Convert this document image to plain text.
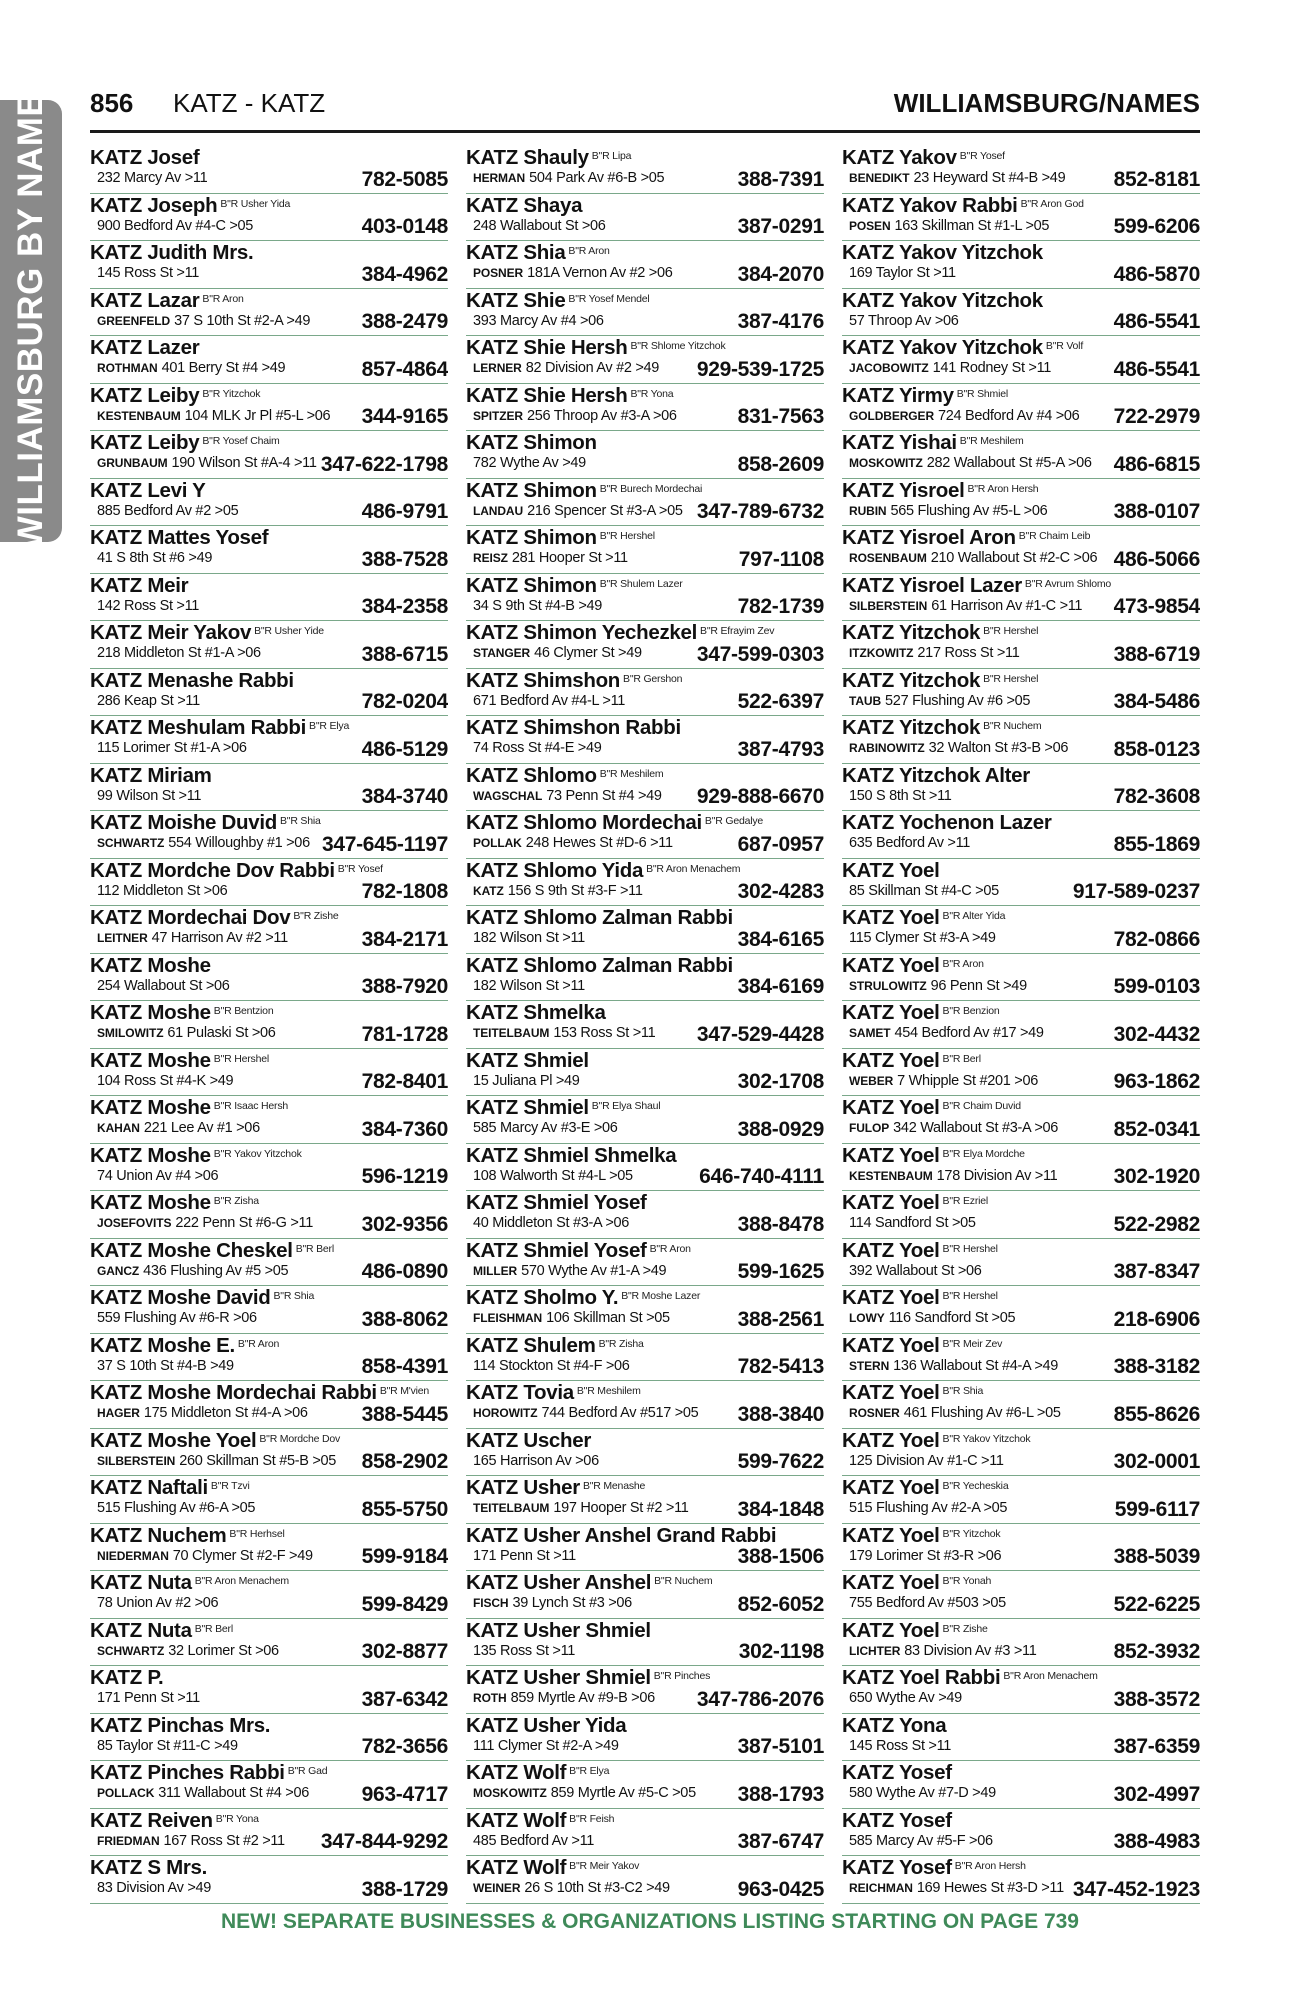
WILLIAMSBURG BY NAME	856 KATZ - KATZ	WILLIAMSBURG/NAMES
KATZ Josef
232 Marcy Av >11	782-5085
KATZ Joseph $^{B"R Usher Yida}$
900 Bedford Av #4-C >05	403-0148
KATZ Judith Mrs.
145 Ross St >11	384-4962
KATZ Lazar $^{B"R Aron}$
GREENFELD 37 S 10th St #2-A >49 388-2479
KATZ Lazer
ROTHMAN 401 Berry St #4 >49	857-4864
KATZ Leiby $^{B"R Yitzchok}$
KESTENBAUM 104 MLK Jr Pl #5-L >06 344-9165
KATZ Leiby $^{B"R Yosef Chaim}$
GRUNBAUM 190 Wilson St #A-4 >11 347-622-1798
KATZ Levi Y
885 Bedford Av #2 >05	486-9791
KATZ Mattes Yosef
41 S 8th St #6 >49	388-7528
KATZ Meir
142 Ross St >11	384-2358
KATZ Meir Yakov $^{B"R Usher Yide}$
218 Middleton St #1-A >06	388-6715
KATZ Menashe Rabbi
286 Keap St >11	782-0204
KATZ Meshulam Rabbi $^{B"R Elya}$
115 Lorimer St #1-A >06	486-5129
KATZ Miriam
99 Wilson St >11	384-3740
KATZ Moishe Duvid $^{B"R Shia}$
SCHWARTZ 554 Willoughby #1 >06 347-645-1197
KATZ Mordche Dov Rabbi $^{B"R Yosef}$
112 Middleton St >06	782-1808
KATZ Mordechai Dov $^{B"R Zishe}$
LEITNER 47 Harrison Av #2 >11	384-2171
KATZ Moshe
254 Wallabout St >06	388-7920
KATZ Moshe $^{B"R Bentzion}$
SMILOWITZ 61 Pulaski St >06	781-1728
KATZ Moshe $^{B"R Hershel}$
104 Ross St #4-K >49	782-8401
KATZ Moshe $^{B"R Isaac Hersh}$
KAHAN 221 Lee Av #1 >06	384-7360
KATZ Moshe $^{B"R Yakov Yitzchok}$
74 Union Av #4 >06	596-1219
KATZ Moshe $^{B"R Zisha}$
JOSEFOVITS 222 Penn St #6-G >11 302-9356
KATZ Moshe Cheskel $^{B"R Berl}$
GANCZ 436 Flushing Av #5 >05	486-0890
KATZ Moshe David $^{B"R Shia}$
559 Flushing Av #6-R >06	388-8062
KATZ Moshe E. $^{B"R Aron}$
37 S 10th St #4-B >49	858-4391
KATZ Moshe Mordechai Rabbi $^{B"R M'vien}$
HAGER 175 Middleton St #4-A >06	388-5445
KATZ Moshe Yoel $^{B"R Mordche Dov}$
SILBERSTEIN 260 Skillman St #5-B >05 858-2902
KATZ Naftali $^{B"R Tzvi}$
515 Flushing Av #6-A >05	855-5750
KATZ Nuchem $^{B"R Herhsel}$
NIEDERMAN 70 Clymer St #2-F >49 599-9184
KATZ Nuta $^{B"R Aron Menachem}$
78 Union Av #2 >06	599-8429
KATZ Nuta $^{B"R Berl}$
SCHWARTZ 32 Lorimer St >06	302-8877
KATZ P.
171 Penn St >11	387-6342
KATZ Pinchas Mrs.
85 Taylor St #11-C >49	782-3656
KATZ Pinches Rabbi $^{B"R Gad}$
POLLACK 311 Wallabout St #4 >06	963-4717
KATZ Reiven $^{B"R Yona}$
FRIEDMAN 167 Ross St #2 >11 347-844-9292
KATZ S Mrs.
83 Division Av >49	388-1729
KATZ Shauly $^{B"R Lipa}$
HERMAN 504 Park Av #6-B >05	388-7391
KATZ Shaya
248 Wallabout St >06	387-0291
KATZ Shia $^{B"R Aron}$
POSNER 181A Vernon Av #2 >06	384-2070
KATZ Shie $^{B"R Yosef Mendel}$
393 Marcy Av #4 >06	387-4176
KATZ Shie Hersh $^{B"R Shlome Yitzchok}$
LERNER 82 Division Av #2 >49 929-539-1725
KATZ Shie Hersh $^{B"R Yona}$
SPITZER 256 Throop Av #3-A >06	831-7563
KATZ Shimon
782 Wythe Av >49	858-2609
KATZ Shimon $^{B"R Burech Mordechai}$
LANDAU 216 Spencer St #3-A >05 347-789-6732
KATZ Shimon $^{B"R Hershel}$
REISZ 281 Hooper St >11	797-1108
KATZ Shimon $^{B"R Shulem Lazer}$
34 S 9th St #4-B >49	782-1739
KATZ Shimon Yechezkel $^{B"R Efrayim Zev}$
STANGER 46 Clymer St >49	347-599-0303
KATZ Shimshon $^{B"R Gershon}$
671 Bedford Av #4-L >11	522-6397
KATZ Shimshon Rabbi
74 Ross St #4-E >49	387-4793
KATZ Shlomo $^{B"R Meshilem}$
WAGSCHAL 73 Penn St #4 >49 929-888-6670
KATZ Shlomo Mordechai $^{B"R Gedalye}$
POLLAK 248 Hewes St #D-6 >11	687-0957
KATZ Shlomo Yida $^{B"R Aron Menachem}$
KATZ 156 S 9th St #3-F >11	302-4283
KATZ Shlomo Zalman Rabbi
182 Wilson St >11	384-6165
KATZ Shlomo Zalman Rabbi
182 Wilson St >11	384-6169
KATZ Shmelka
TEITELBAUM 153 Ross St >11 347-529-4428
KATZ Shmiel
15 Juliana Pl >49	302-1708
KATZ Shmiel $^{B"R Elya Shaul}$
585 Marcy Av #3-E >06	388-0929
KATZ Shmiel Shmelka
108 Walworth St #4-L >05	646-740-4111
KATZ Shmiel Yosef
40 Middleton St #3-A >06	388-8478
KATZ Shmiel Yosef $^{B"R Aron}$
MILLER 570 Wythe Av #1-A >49	599-1625
KATZ Sholmo Y. $^{B"R Moshe Lazer}$
FLEISHMAN 106 Skillman St >05	388-2561
KATZ Shulem $^{B"R Zisha}$
114 Stockton St #4-F >06	782-5413
KATZ Tovia $^{B"R Meshilem}$
HOROWITZ 744 Bedford Av #517 >05 388-3840
KATZ Uscher
165 Harrison Av >06	599-7622
KATZ Usher $^{B"R Menashe}$
TEITELBAUM 197 Hooper St #2 >11 384-1848
KATZ Usher Anshel Grand Rabbi
171 Penn St >11	388-1506
KATZ Usher Anshel $^{B"R Nuchem}$
FISCH 39 Lynch St #3 >06	852-6052
KATZ Usher Shmiel
135 Ross St >11	302-1198
KATZ Usher Shmiel $^{B"R Pinches}$
ROTH 859 Myrtle Av #9-B >06 347-786-2076
KATZ Usher Yida
111 Clymer St #2-A >49	387-5101
KATZ Wolf $^{B"R Elya}$
MOSKOWITZ 859 Myrtle Av #5-C >05 388-1793
KATZ Wolf $^{B"R Feish}$
485 Bedford Av >11	387-6747
KATZ Wolf $^{B"R Meir Yakov}$
WEINER 26 S 10th St #3-C2 >49	963-0425
KATZ Yakov $^{B"R Yosef}$
BENEDIKT 23 Heyward St #4-B >49 852-8181
KATZ Yakov Rabbi $^{B"R Aron God}$
POSEN 163 Skillman St #1-L >05	599-6206
KATZ Yakov Yitzchok
169 Taylor St >11	486-5870
KATZ Yakov Yitzchok
57 Throop Av >06	486-5541
KATZ Yakov Yitzchok $^{B"R Volf}$
JACOBOWITZ 141 Rodney St >11	486-5541
KATZ Yirmy $^{B"R Shmiel}$
GOLDBERGER 724 Bedford Av #4 >06 722-2979
KATZ Yishai $^{B"R Meshilem}$
MOSKOWITZ 282 Wallabout St #5-A >06 486-6815
KATZ Yisroel $^{B"R Aron Hersh}$
RUBIN 565 Flushing Av #5-L >06	388-0107
KATZ Yisroel Aron $^{B"R Chaim Leib}$
ROSENBAUM 210 Wallabout St #2-C >06 486-5066
KATZ Yisroel Lazer $^{B"R Avrum Shlomo}$
SILBERSTEIN 61 Harrison Av #1-C >11 473-9854
KATZ Yitzchok $^{B"R Hershel}$
ITZKOWITZ 217 Ross St >11	388-6719
KATZ Yitzchok $^{B"R Hershel}$
TAUB 527 Flushing Av #6 >05	384-5486
KATZ Yitzchok $^{B"R Nuchem}$
RABINOWITZ 32 Walton St #3-B >06 858-0123
KATZ Yitzchok Alter
150 S 8th St >11	782-3608
KATZ Yochenon Lazer
635 Bedford Av >11	855-1869
KATZ Yoel
85 Skillman St #4-C >05	917-589-0237
KATZ Yoel $^{B"R Alter Yida}$
115 Clymer St #3-A >49	782-0866
KATZ Yoel $^{B"R Aron}$
STRULOWITZ 96 Penn St >49	599-0103
KATZ Yoel $^{B"R Benzion}$
SAMET 454 Bedford Av #17 >49	302-4432
KATZ Yoel $^{B"R Berl}$
WEBER 7 Whipple St #201 >06	963-1862
KATZ Yoel $^{B"R Chaim Duvid}$
FULOP 342 Wallabout St #3-A >06	852-0341
KATZ Yoel $^{B"R Elya Mordche}$
KESTENBAUM 178 Division Av >11	302-1920
KATZ Yoel $^{B"R Ezriel}$
114 Sandford St >05	522-2982
KATZ Yoel $^{B"R Hershel}$
392 Wallabout St >06	387-8347
KATZ Yoel $^{B"R Hershel}$
LOWY 116 Sandford St >05	218-6906
KATZ Yoel $^{B"R Meir Zev}$
STERN 136 Wallabout St #4-A >49	388-3182
KATZ Yoel $^{B"R Shia}$
ROSNER 461 Flushing Av #6-L >05	855-8626
KATZ Yoel $^{B"R Yakov Yitzchok}$
125 Division Av #1-C >11	302-0001
KATZ Yoel $^{B"R Yecheskia}$
515 Flushing Av #2-A >05	599-6117
KATZ Yoel $^{B"R Yitzchok}$
179 Lorimer St #3-R >06	388-5039
KATZ Yoel $^{B"R Yonah}$
755 Bedford Av #503 >05	522-6225
KATZ Yoel $^{B"R Zishe}$
LICHTER 83 Division Av #3 >11	852-3932
KATZ Yoel Rabbi $^{B"R Aron Menachem}$
650 Wythe Av >49	388-3572
KATZ Yona
145 Ross St >11	387-6359
KATZ Yosef
580 Wythe Av #7-D >49	302-4997
KATZ Yosef
585 Marcy Av #5-F >06	388-4983
KATZ Yosef $^{B"R Aron Hersh}$
REICHMAN 169 Hewes St #3-D >11 347-452-1923
NEW! SEPARATE BUSINESSES & ORGANIZATIONS LISTING STARTING ON PAGE 739
